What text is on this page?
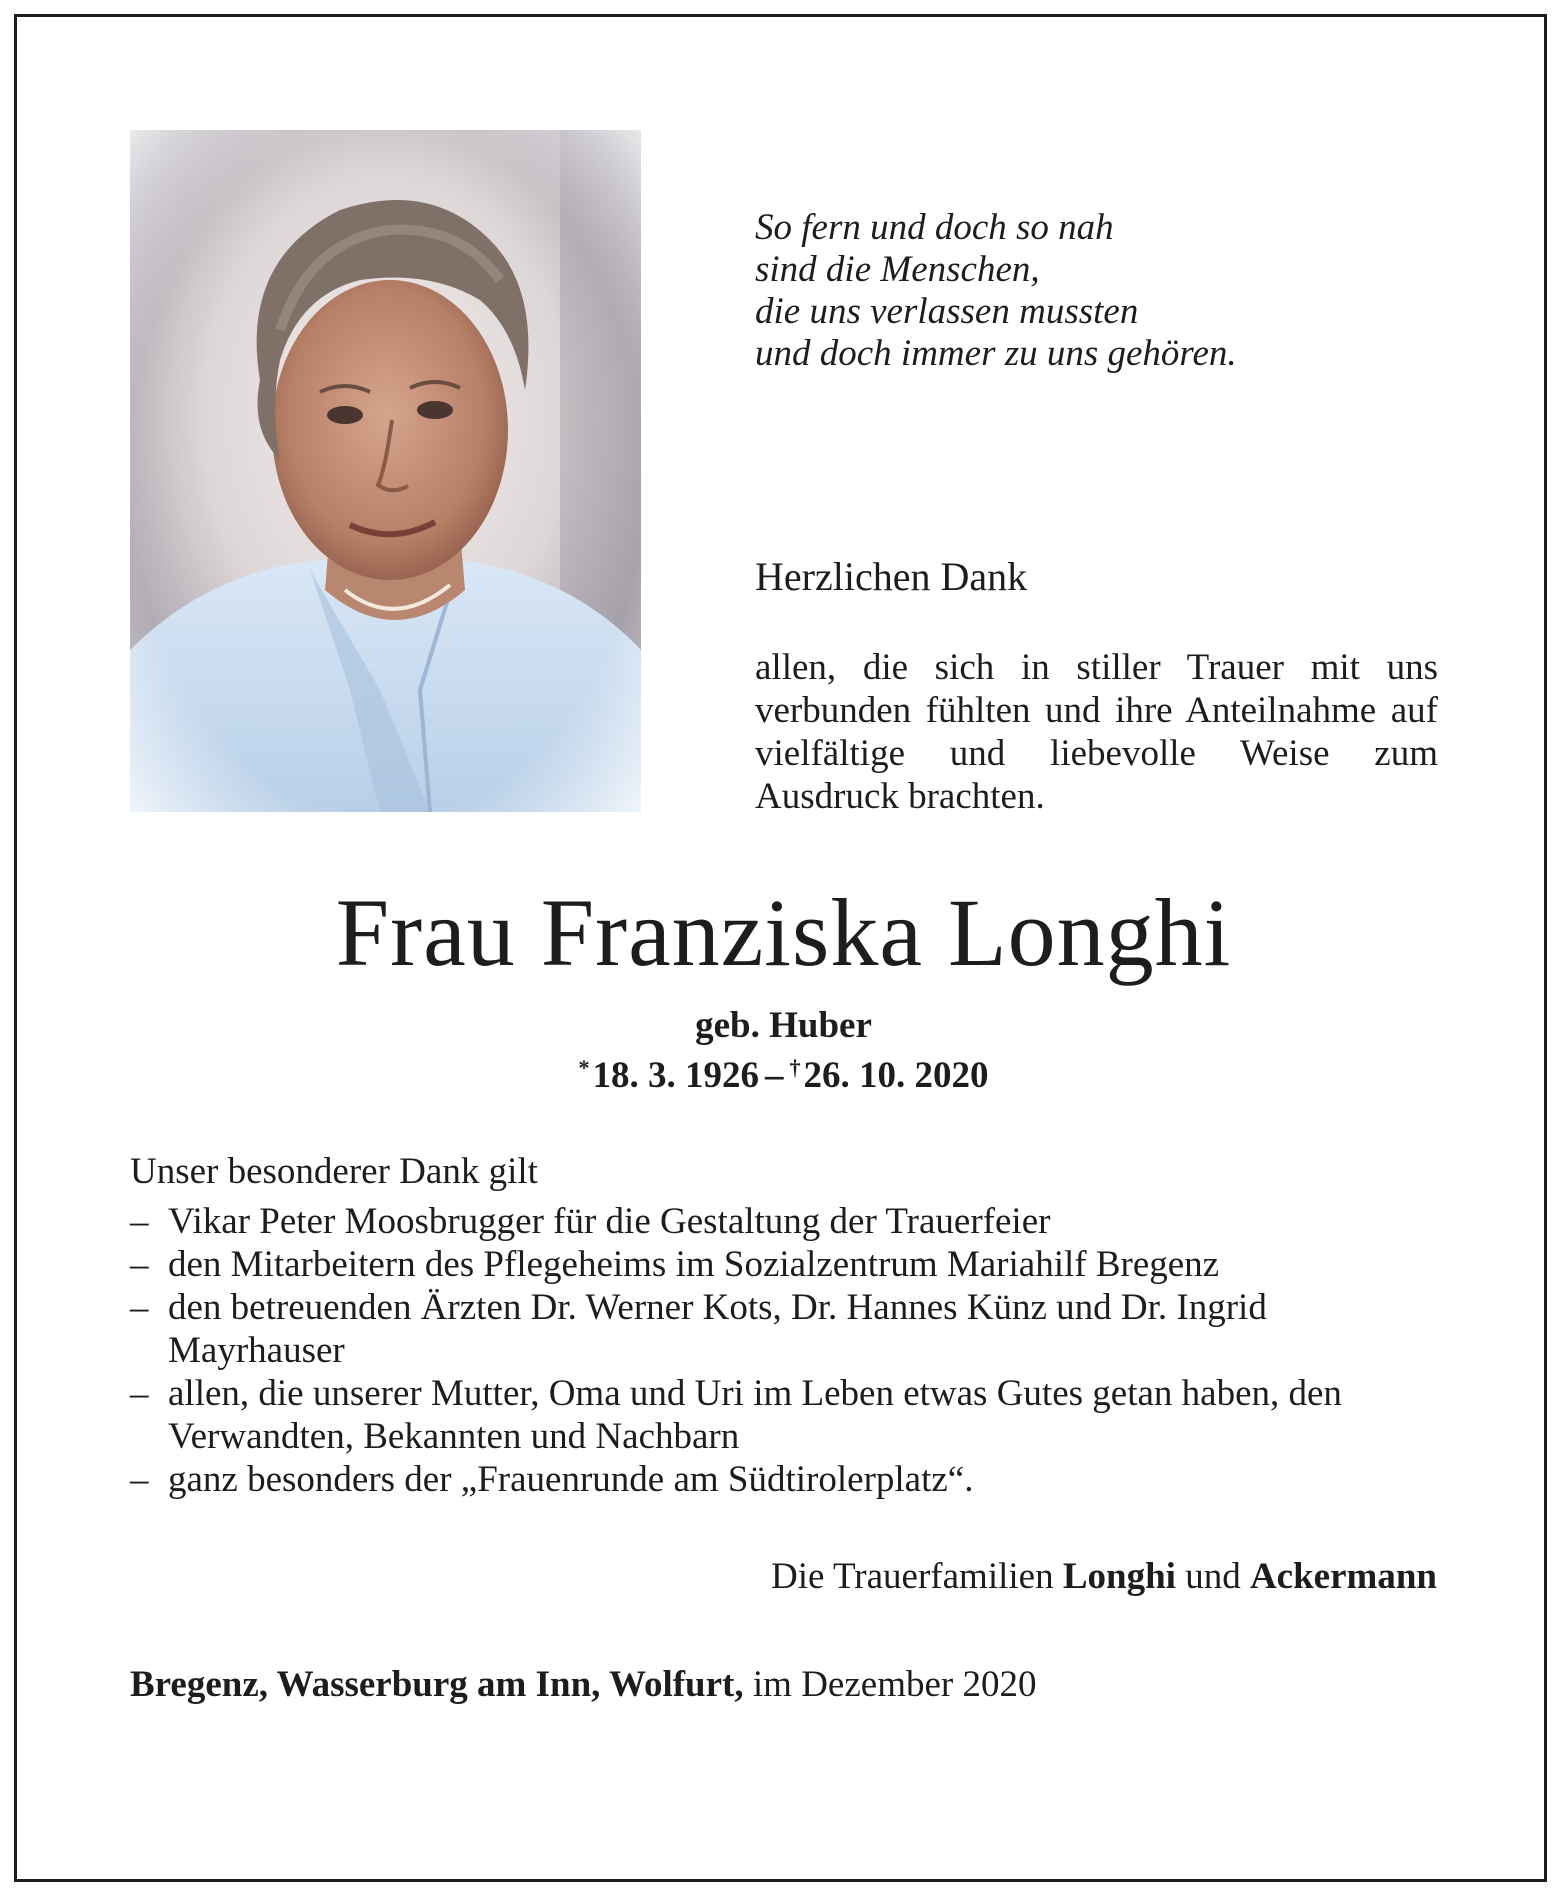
So fern und doch so nah
sind die Menschen,
die uns verlassen mussten
und doch immer zu uns gehören.

Herzlichen Dank

allen, die sich in stiller Trauer mit uns verbunden fühlten und ihre Anteilnahme auf vielfältige und liebevolle Weise zum Ausdruck brachten.

Frau Franziska Longhi

geb. Huber

*18. 3. 1926 – †26. 10. 2020

Unser besonderer Dank gilt

– Vikar Peter Moosbrugger für die Gestaltung der Trauerfeier
– den Mitarbeitern des Pflegeheims im Sozialzentrum Mariahilf Bregenz
– den betreuenden Ärzten Dr. Werner Kots, Dr. Hannes Künz und Dr. Ingrid Mayrhauser
– allen, die unserer Mutter, Oma und Uri im Leben etwas Gutes getan haben, den Verwandten, Bekannten und Nachbarn
– ganz besonders der „Frauenrunde am Südtirolerplatz“.

Die Trauerfamilien Longhi und Ackermann

Bregenz, Wasserburg am Inn, Wolfurt, im Dezember 2020
